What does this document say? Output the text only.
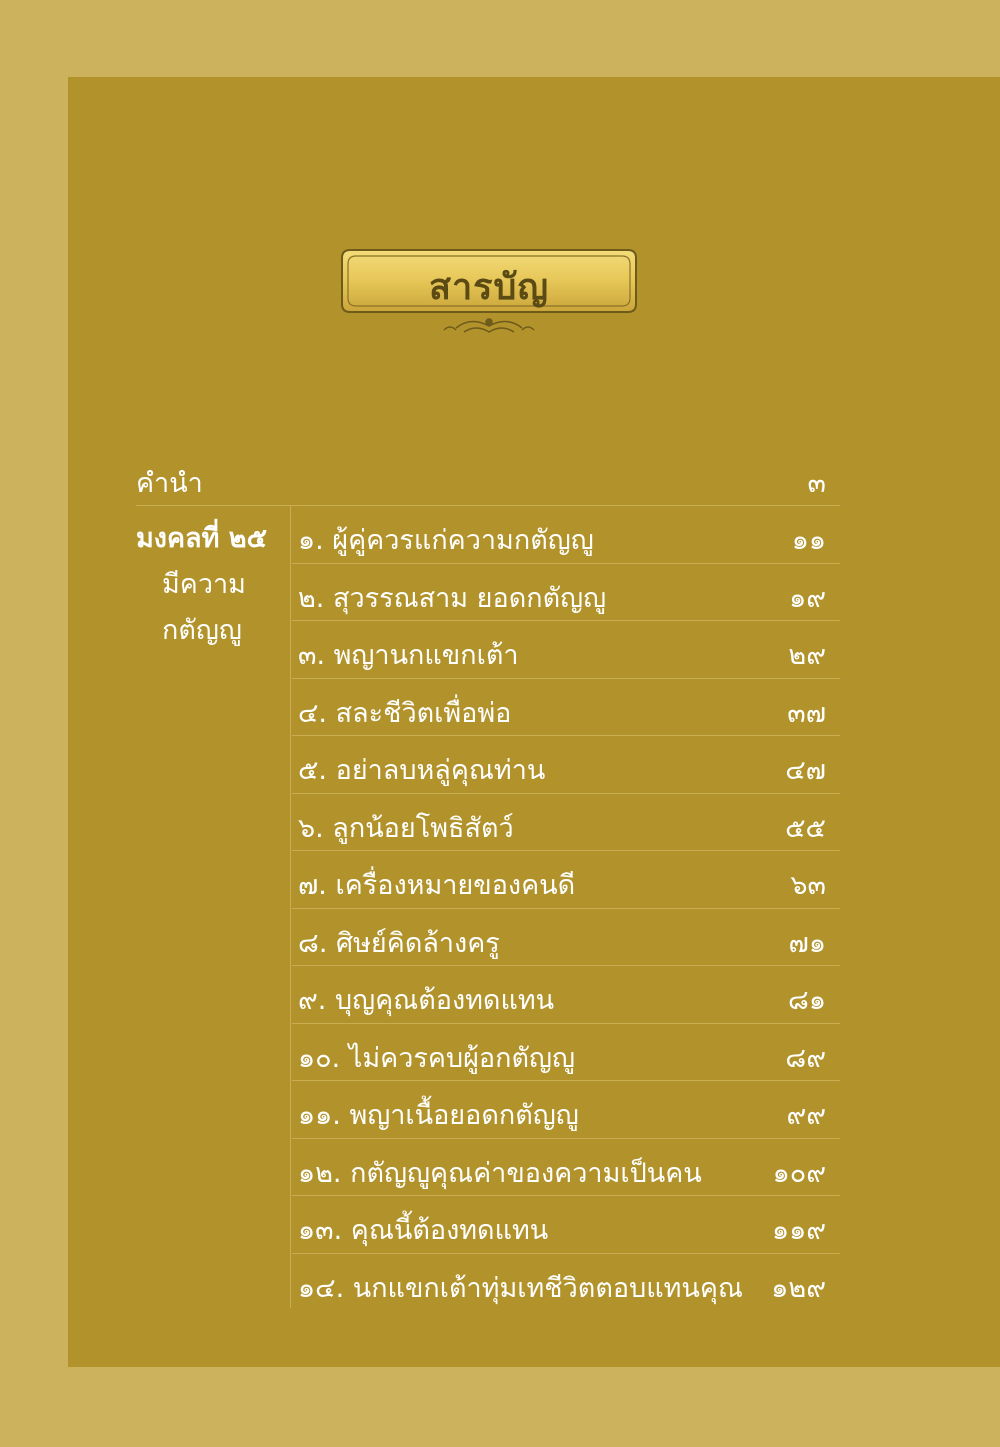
สารบัญ
คำนำ	๓
มงคลที่ ๒๕
มีความ
กตัญญู
๑. ผู้คู่ควรแก่ความกตัญญู	๑๑
๒. สุวรรณสาม ยอดกตัญญู	๑๙
๓. พญานกแขกเต้า	๒๙
๔. สละชีวิตเพื่อพ่อ	๓๗
๕. อย่าลบหลู่คุณท่าน	๔๗
๖. ลูกน้อยโพธิสัตว์	๕๕
๗. เครื่องหมายของคนดี	๖๓
๘. ศิษย์คิดล้างครู	๗๑
๙. บุญคุณต้องทดแทน	๘๑
๑๐. ไม่ควรคบผู้อกตัญญู	๘๙
๑๑. พญาเนื้อยอดกตัญญู	๙๙
๑๒. กตัญญูคุณค่าของความเป็นคน	๑๐๙
๑๓. คุณนี้ต้องทดแทน	๑๑๙
๑๔. นกแขกเต้าทุ่มเทชีวิตตอบแทนคุณ ๑๒๙
